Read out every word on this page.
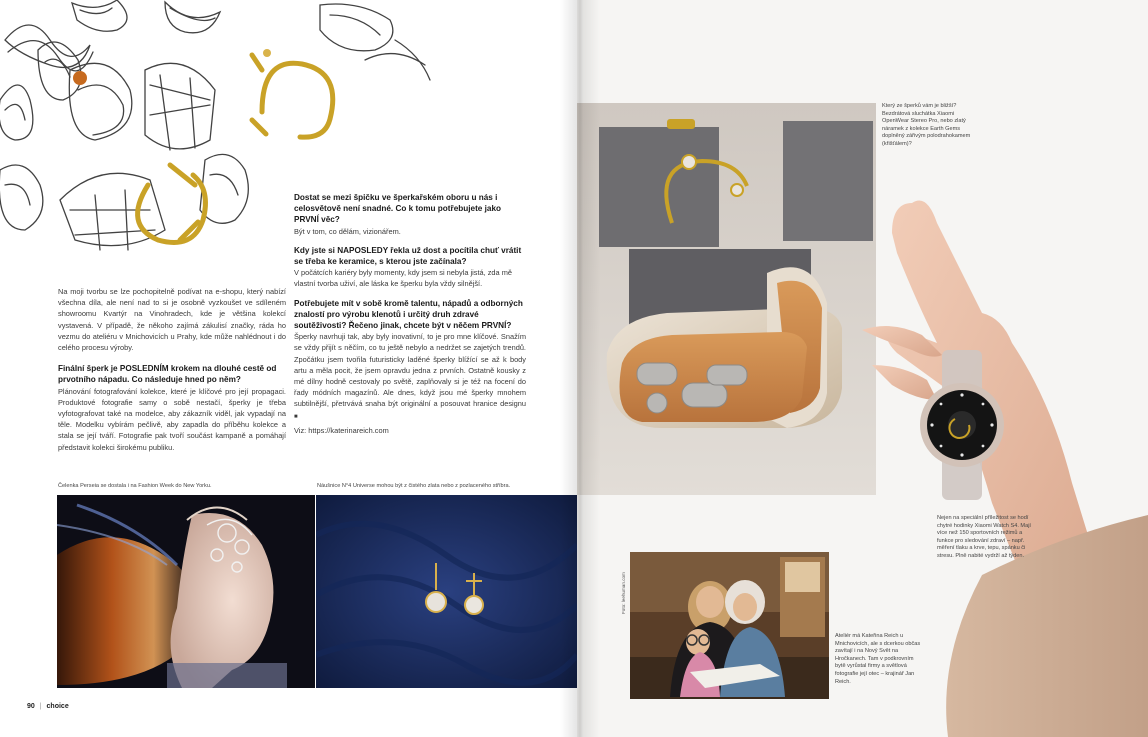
Na moji tvorbu se lze pochopitelně podívat na e-shopu, který nabízí všechna díla, ale není nad to si je osobně vyzkoušet ve sdíleném showroomu Kvartýr na Vinohradech, kde je většina kolekcí vystavená. V případě, že někoho zajímá zákulisí značky, ráda ho vezmu do ateliéru v Mnichovicích u Prahy, kde může nahlédnout i do celého procesu výroby.

Finální šperk je POSLEDNÍM krokem na dlouhé cestě od prvotního nápadu. Co následuje hned po něm?

Plánování fotografování kolekce, které je klíčové pro její propagaci. Produktové fotografie samy o sobě nestačí, šperky je třeba vyfotografovat také na modelce, aby zákazník viděl, jak vypadají na těle. Modelku vybírám pečlivě, aby zapadla do příběhu kolekce a stala se její tváří. Fotografie pak tvoří součást kampaně a pomáhají představit kolekci širokému publiku.

Dostat se mezi špičku ve šperkařském oboru u nás i celosvětově není snadné. Co k tomu potřebujete jako PRVNÍ věc?

Být v tom, co dělám, vizionářem.

Kdy jste si NAPOSLEDY řekla už dost a pocítila chuť vrátit se třeba ke keramice, s kterou jste začínala?

V počátcích kariéry byly momenty, kdy jsem si nebyla jistá, zda mě vlastní tvorba uživí, ale láska ke šperku byla vždy silnější.

Potřebujete mít v sobě kromě talentu, nápadů a odborných znalostí pro výrobu klenotů i určitý druh zdravé soutěživosti? Řečeno jinak, chcete být v něčem PRVNÍ?

Šperky navrhuji tak, aby byly inovativní, to je pro mne klíčové. Snažím se vždy přijít s něčím, co tu ještě nebylo a nedržet se zajetých trendů. Zpočátku jsem tvořila futuristicky laděné šperky blížící se až k body artu a měla pocit, že jsem opravdu jedna z prvních. Ostatně kousky z mé dílny hodně cestovaly po světě, zaplňovaly si je též na focení do řady módních magazínů. Ale dnes, když jsou mé šperky mnohem subtilnější, přetrvává snaha být originální a posouvat hranice designu ■

Viz: https://katerinareich.com

Čelenka Perseia se dostala i na Fashion Week do New Yorku.	Náušnice N°4 Universe mohou být z čistého zlata nebo z pozlaceného stříbra.
90 | choice
Který ze šperků vám je bližší? Bezdrátová sluchátka Xiaomi OpenWear Stereo Pro, nebo zlatý náramek z kolekce Earth Gems doplněný zářivým polodrahokamem (křišťálem)?
Nejen na speciální příležitost se hodí chytré hodinky Xiaomi Watch S4. Mají více než 150 sportovních režimů a funkce pro sledování zdraví – např. měření tlaku a krve, tepu, spánku či stresu. Plně nabité vydrží až týden.
Ateliér má Kateřina Reich u Mnichovicích, ale s dcerkou občas zavítají i na Nový Svět na Hročkanech. Tam v podkrovním bytě vyrůstal firmy a světlová fotografie její otec – krajinář Jan Reich.
Foto: leehuman.com
